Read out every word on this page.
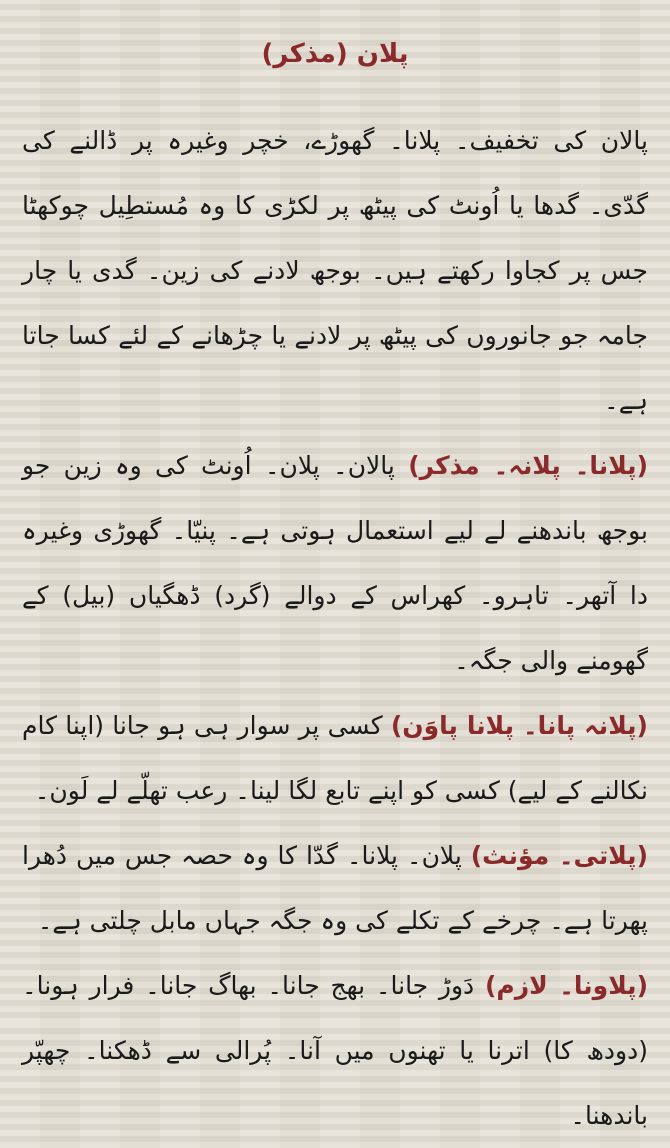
پلان (مذکر)

پالان کی تخفیف۔ پلانا۔ گھوڑے، خچر وغیرہ پر ڈالنے کی گدّی۔ گدھا یا اُونٹ کی پیٹھ پر لکڑی کا وہ مُستطِیل چوکھٹا جس پر کجاوا رکھتے ہیں۔ بوجھ لادنے کی زین۔ گدی یا چار جامہ جو جانوروں کی پیٹھ پر لادنے یا چڑھانے کے لئے کسا جاتا ہے۔

(پلانا۔ پلانہ۔ مذکر) پالان۔ پلان۔ اُونٹ کی وہ زین جو بوجھ باندھنے لے لیے استعمال ہوتی ہے۔ پنیّا۔ گھوڑی وغیرہ دا آتھر۔ تاہرو۔ کھراس کے دوالے (گرد) ڈھگیاں (بیل) کے گھومنے والی جگہ۔

(پلانہ پانا۔ پلانا پاوَن) کسی پر سوار ہی ہو جانا (اپنا کام نکالنے کے لیے) کسی کو اپنے تابع لگا لینا۔ رعب تھلّے لے لَون۔

(پلاتی۔ مؤنث) پلان۔ پلانا۔ گدّا کا وہ حصہ جس میں دُھرا پھرتا ہے۔ چرخے کے تکلے کی وہ جگہ جہاں مابل چلتی ہے۔

(پلاونا۔ لازم) دَوڑ جانا۔ بھج جانا۔ بھاگ جانا۔ فرار ہونا۔ (دودھ کا) اترنا یا تھنوں میں آنا۔ پُرالی سے ڈھکنا۔ چھپّر باندھنا۔
